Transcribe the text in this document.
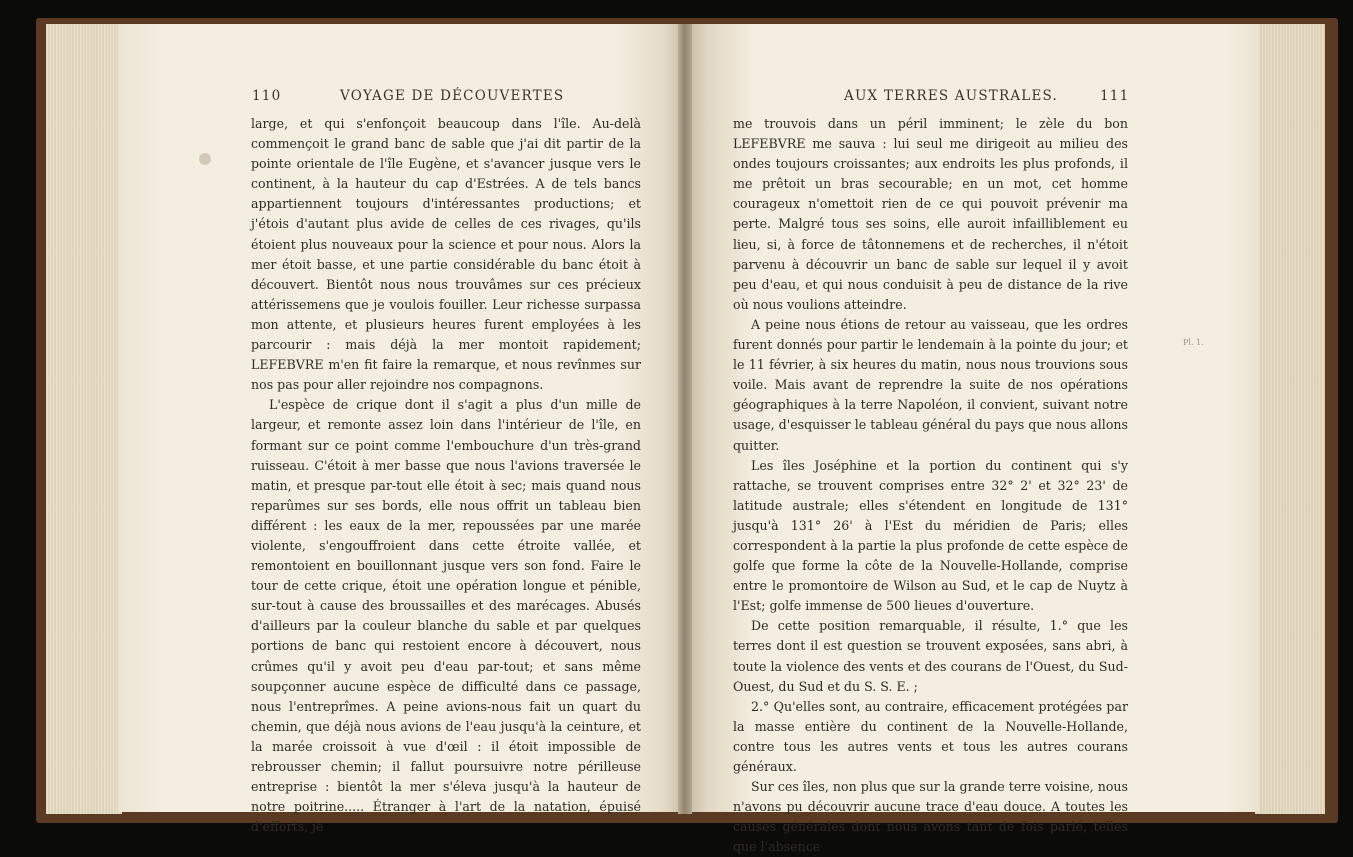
110	VOYAGE DE DÉCOUVERTES	AUX TERRES AUSTRALES.	111

large, et qui s'enfonçoit beaucoup dans l'île. Au-delà commençoit le grand banc de sable que j'ai dit partir de la pointe orientale de l'île Eugène, et s'avancer jusque vers le continent, à la hauteur du cap d'Estrées. A de tels bancs appartiennent toujours d'intéressantes productions; et j'étois d'autant plus avide de celles de ces rivages, qu'ils étoient plus nouveaux pour la science et pour nous. Alors la mer étoit basse, et une partie considérable du banc étoit à découvert. Bientôt nous nous trouvâmes sur ces précieux attérissemens que je voulois fouiller. Leur richesse surpassa mon attente, et plusieurs heures furent employées à les parcourir : mais déjà la mer montoit rapidement; LEFEBVRE m'en fit faire la remarque, et nous revînmes sur nos pas pour aller rejoindre nos compagnons.

L'espèce de crique dont il s'agit a plus d'un mille de largeur, et remonte assez loin dans l'intérieur de l'île, en formant sur ce point comme l'embouchure d'un très-grand ruisseau. C'étoit à mer basse que nous l'avions traversée le matin, et presque par-tout elle étoit à sec; mais quand nous reparûmes sur ses bords, elle nous offrit un tableau bien différent : les eaux de la mer, repoussées par une marée violente, s'engouffroient dans cette étroite vallée, et remontoient en bouillonnant jusque vers son fond. Faire le tour de cette crique, étoit une opération longue et pénible, sur-tout à cause des broussailles et des marécages. Abusés d'ailleurs par la couleur blanche du sable et par quelques portions de banc qui restoient encore à découvert, nous crûmes qu'il y avoit peu d'eau par-tout; et sans même soupçonner aucune espèce de difficulté dans ce passage, nous l'entreprîmes. A peine avions-nous fait un quart du chemin, que déjà nous avions de l'eau jusqu'à la ceinture, et la marée croissoit à vue d'œil : il étoit impossible de rebrousser chemin; il fallut poursuivre notre périlleuse entreprise : bientôt la mer s'éleva jusqu'à la hauteur de notre poitrine..... Étranger à l'art de la natation, épuisé d'efforts, je

me trouvois dans un péril imminent; le zèle du bon LEFEBVRE me sauva : lui seul me dirigeoit au milieu des ondes toujours croissantes; aux endroits les plus profonds, il me prêtoit un bras secourable; en un mot, cet homme courageux n'omettoit rien de ce qui pouvoit prévenir ma perte. Malgré tous ses soins, elle auroit infailliblement eu lieu, si, à force de tâtonnemens et de recherches, il n'étoit parvenu à découvrir un banc de sable sur lequel il y avoit peu d'eau, et qui nous conduisit à peu de distance de la rive où nous voulions atteindre.

A peine nous étions de retour au vaisseau, que les ordres furent donnés pour partir le lendemain à la pointe du jour; et le 11 février, à six heures du matin, nous nous trouvions sous voile. Mais avant de reprendre la suite de nos opérations géographiques à la terre Napoléon, il convient, suivant notre usage, d'esquisser le tableau général du pays que nous allons quitter.

Les îles Joséphine et la portion du continent qui s'y rattache, se trouvent comprises entre 32° 2' et 32° 23' de latitude australe; elles s'étendent en longitude de 131° jusqu'à 131° 26' à l'Est du méridien de Paris; elles correspondent à la partie la plus profonde de cette espèce de golfe que forme la côte de la Nouvelle-Hollande, comprise entre le promontoire de Wilson au Sud, et le cap de Nuytz à l'Est; golfe immense de 500 lieues d'ouverture.

De cette position remarquable, il résulte, 1.° que les terres dont il est question se trouvent exposées, sans abri, à toute la violence des vents et des courans de l'Ouest, du Sud-Ouest, du Sud et du S. S. E. ;

2.° Qu'elles sont, au contraire, efficacement protégées par la masse entière du continent de la Nouvelle-Hollande, contre tous les autres vents et tous les autres courans généraux.

Sur ces îles, non plus que sur la grande terre voisine, nous n'avons pu découvrir aucune trace d'eau douce. A toutes les causes générales dont nous avons tant de fois parlé, telles que l'absence

Pl. 1.
